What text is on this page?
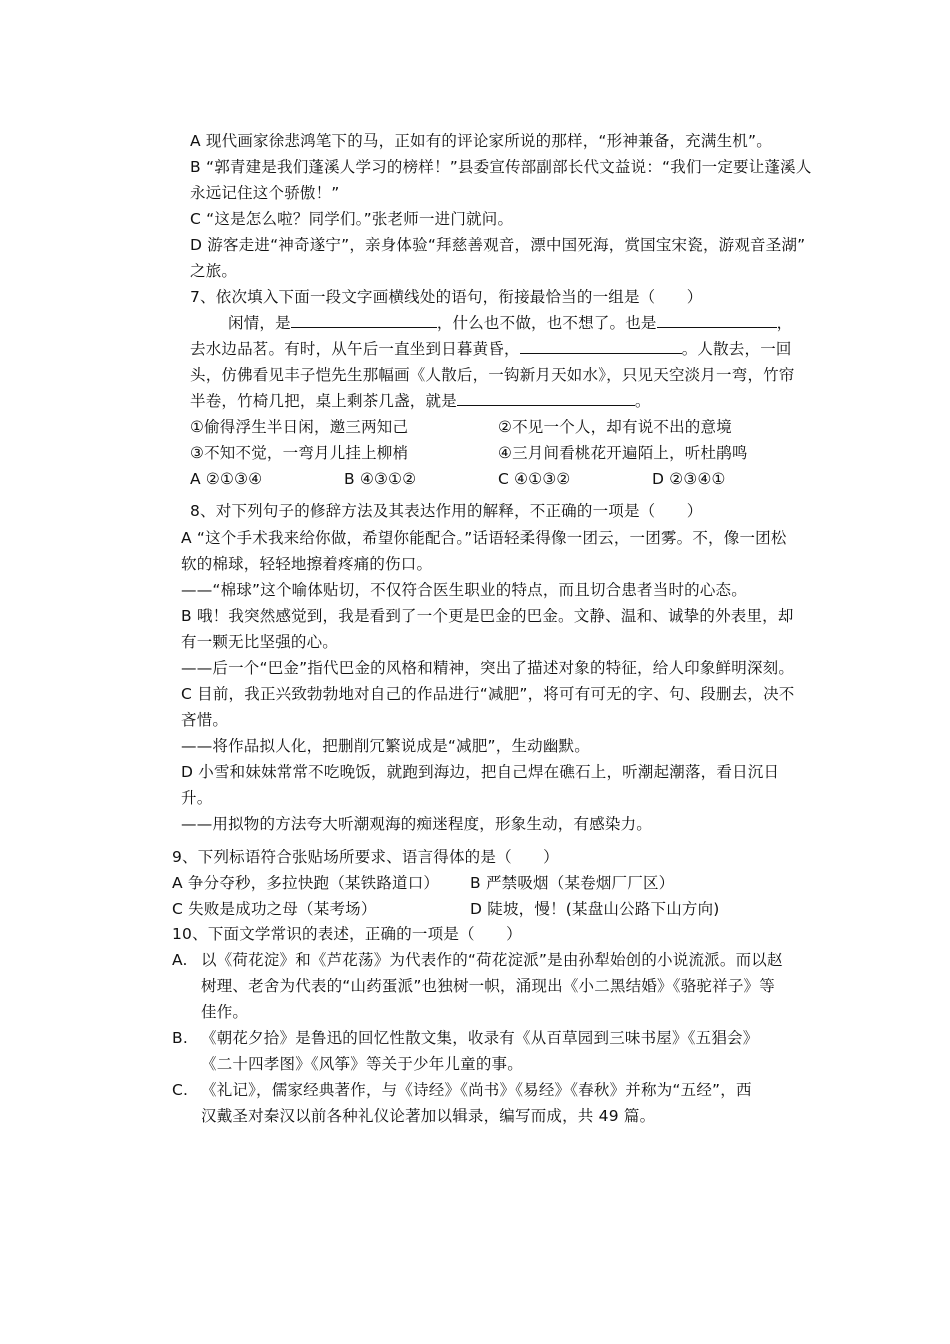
A 现代画家徐悲鸿笔下的马，正如有的评论家所说的那样，“形神兼备，充满生机”。
B “郭青建是我们蓬溪人学习的榜样！”县委宣传部副部长代文益说：“我们一定要让蓬溪人
永远记住这个骄傲！”
C “这是怎么啦？同学们。”张老师一进门就问。
D 游客走进“神奇遂宁”，亲身体验“拜慈善观音，漂中国死海，赏国宝宋瓷，游观音圣湖”
之旅。
7、依次填入下面一段文字画横线处的语句，衔接最恰当的一组是（　　）
闲情，是	，什么也不做，也不想了。也是	，
去水边品茗。有时，从午后一直坐到日暮黄昏，	。人散去，一回
头，仿佛看见丰子恺先生那幅画《人散后，一钩新月天如水》，只见天空淡月一弯，竹帘
半卷，竹椅几把，桌上剩茶几盏，就是	。
①偷得浮生半日闲，邀三两知己	②不见一个人，却有说不出的意境
③不知不觉，一弯月儿挂上柳梢	④三月间看桃花开遍陌上，听杜鹃鸣
A ②①③④	B ④③①②	C ④①③②	D ②③④①
8、对下列句子的修辞方法及其表达作用的解释，不正确的一项是（　　）
A “这个手术我来给你做，希望你能配合。”话语轻柔得像一团云，一团雾。不，像一团松
软的棉球，轻轻地擦着疼痛的伤口。
——“棉球”这个喻体贴切，不仅符合医生职业的特点，而且切合患者当时的心态。
B 哦！我突然感觉到，我是看到了一个更是巴金的巴金。文静、温和、诚挚的外表里，却
有一颗无比坚强的心。
——后一个“巴金”指代巴金的风格和精神，突出了描述对象的特征，给人印象鲜明深刻。
C 目前，我正兴致勃勃地对自己的作品进行“减肥”，将可有可无的字、句、段删去，决不
吝惜。
——将作品拟人化，把删削冗繁说成是“减肥”，生动幽默。
D 小雪和妹妹常常不吃晚饭，就跑到海边，把自己焊在礁石上，听潮起潮落，看日沉日
升。
——用拟物的方法夸大听潮观海的痴迷程度，形象生动，有感染力。
9、下列标语符合张贴场所要求、语言得体的是（　　）
A 争分夺秒，多拉快跑（某铁路道口） B 严禁吸烟（某卷烟厂厂区）
C 失败是成功之母（某考场）	D 陡坡，慢！(某盘山公路下山方向)
10、下面文学常识的表述，正确的一项是（　　）
A. 以《荷花淀》和《芦花荡》为代表作的“荷花淀派”是由孙犁始创的小说流派。而以赵
树理、老舍为代表的“山药蛋派”也独树一帜，涌现出《小二黑结婚》《骆驼祥子》等
佳作。
B. 《朝花夕拾》是鲁迅的回忆性散文集，收录有《从百草园到三味书屋》《五猖会》
《二十四孝图》《风筝》等关于少年儿童的事。
C. 《礼记》，儒家经典著作，与《诗经》《尚书》《易经》《春秋》并称为“五经”，西
汉戴圣对秦汉以前各种礼仪论著加以辑录，编写而成，共 49 篇。
